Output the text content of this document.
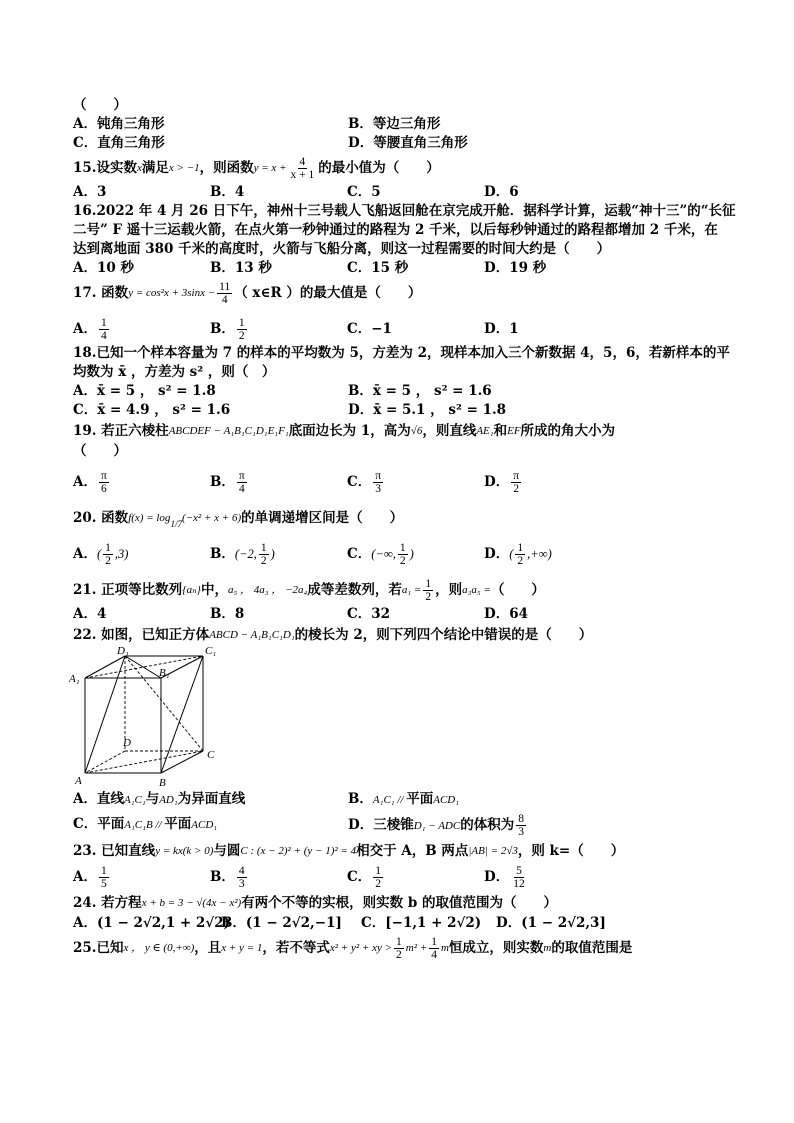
（　　）
A．钝角三角形	B．等边三角形
C．直角三角形	D．等腰直角三角形
15.设实数 x 满足 x > −1 ，则函数 $y = x + \frac{4}{x + 1}$ 的最小值为（　　）
A．3	B．4	C．5	D．6
16.2022 年 4 月 26 日下午，神州十三号载人飞船返回舱在京完成开舱．据科学计算，运载“神十三”的“长征
二号” F 遥十三运载火箭，在点火第一秒钟通过的路程为 2 千米，以后每秒钟通过的路程都增加 2 千米，在
达到离地面 380 千米的高度时，火箭与飞船分离，则这一过程需要的时间大约是（　　）
A．10 秒	B．13 秒	C．15 秒	D．19 秒
17. 函数 $y = \cos^2x + 3\sin x - \frac{11}{4}$ （ x∈R ）的最大值是（　　）
A． $\frac{1}{4}$	B． $\frac{1}{2}$	C．−1	D．1
18.已知一个样本容量为 7 的样本的平均数为 5，方差为 2，现样本加入三个新数据 4，5，6，若新样本的平
均数为 x̄ ，方差为 s² ，则（　）
A．x̄ = 5 ， s² = 1.8	B．x̄ = 5 ， s² = 1.6
C．x̄ = 4.9 ， s² = 1.6	D．x̄ = 5.1 ， s² = 1.8
19. 若正六棱柱 ABCDEF − A₁B₁C₁D₁E₁F₁ 底面边长为 1，高为 √6 ，则直线 AE₁ 和 EF 所成的角大小为
（　　）
A． $\frac{\pi}{6}$	B． $\frac{\pi}{4}$	C． $\frac{\pi}{3}$	D． $\frac{\pi}{2}$
20. 函数 f(x) = log 1/7 (−x² + x + 6) 的单调递增区间是（　　）
A．( $\frac{1}{2} ,3$)	B．(−2, $\frac{1}{2}$ )	C．(−∞, $\frac{1}{2}$ )	D．( $\frac{1}{2}$ ,+∞)
21. 正项等比数列 {aₙ} 中， a₅ ， 4a₃ ， −2a₄ 成等差数列，若 $a_1 = \frac{1}{2}$ ，则 a₃a₅ = （　　）
A．4	B．8	C．32	D．64
22. 如图，已知正方体 ABCD − A₁B₁C₁D₁ 的棱长为 2，则下列四个结论中错误的是（　　）
D₁	C₁
A₁	B₁
D
C
A	B
A．直线A₁C₁与AD₁为异面直线	B．A₁C₁ // 平面ACD₁
C．平面A₁C₁B // 平面ACD₁	D．三棱锥D₁ − ADC的体积为 $\frac{8}{3}$
23. 已知直线 y = kx(k > 0) 与圆 C : (x − 2)² + (y − 1)² = 4 相交于 A，B 两点 |AB| = 2√3 ，则 k=（　　）
A． $\frac{1}{5}$	B． $\frac{4}{3}$	C． $\frac{1}{2}$	D． $\frac{5}{12}$
24. 若方程 x + b = 3 − √(4x − x²) 有两个不等的实根，则实数 b 的取值范围为（　　）
A．(1 − 2√2,1 + 2√2)
B．(1 − 2√2,−1]	C．[−1,1 + 2√2)	D．(1 − 2√2,3]
25.已知 x ， y ∈ (0,+∞) ，且 x + y = 1 ，若不等式 x² + y² + xy > $\frac{1}{2} m^2 + \frac{1}{4}$ m 恒成立，则实数 m 的取值范围是
